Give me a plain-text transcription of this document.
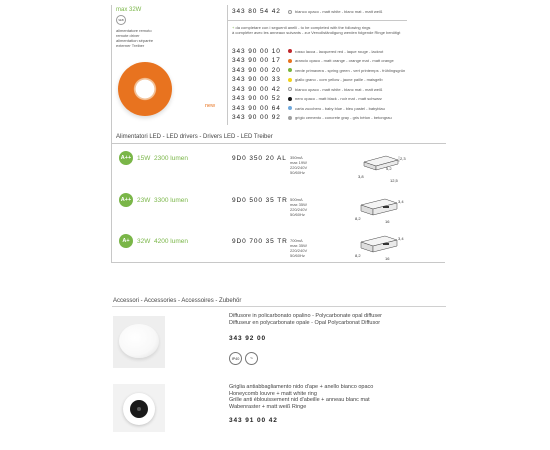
max 32W
SEB
alimentatore remoto
remote driver
alimentation séparée
externer Treiber
343 80 54 42	bianco opaco - matt white - blanc mat - matt weiß
+ da completare con i seguenti anelli - to be completed with the following rings
à compléter avec les anneaux suivants - zur Vervollständigung werden folgende Ringe benötigt
343 90 00 10	rosso lacca - lacquered red - laque rouge - lackrot
343 90 00 17	arancio opaco - matt orange - orange mat - matt orange
343 90 00 20	verde primavera - spring green - vert printemps - frühlingsgrün
343 90 00 33	giallo grano - corn yellow - jaune paille - maisgelb
343 90 00 42	bianco opaco - matt white - blanc mat - matt weiß
343 90 00 52	nero opaco - matt black - noir mat - matt schwarz
343 90 00 64	carta zucchero - baby blue - bleu pastel - babyblau
343 90 00 92	grigio cemento - concrete gray - gris béton - betongrau
new
Alimentatori LED - LED drivers - Drivers LED - LED Treiber
A++ 15W 2300 lumen	9D0 350 20 AL 350mA
max 19W
220/240V
50/60Hz
2,3
5,2
3,8
12,5
A++ 23W 3300 lumen	9D0 500 35 TR 500mA
max 35W
220/240V
50/60Hz
3,4
8,2
16
A+	32W 4200 lumen	9D0 700 35 TR 700mA
max 35W
220/240V
50/60Hz
3,4
8,2
16
Accessori - Accessories - Accessoires - Zubehör
Diffusore in policarbonato opalino - Polycarbonate opal diffuser
Diffuseur en polycarbonate opale - Opal Polycarbonat Diffusor
343 92 00
IP40 ~
Griglia antiabbagliamento nido d'ape + anello bianco opaco
Honeycomb louvre + matt white ring
Grille anti éblouissement nid d'abeille + anneau blanc mat
Wabenraster + matt weiß Ringe
343 91 00 42
